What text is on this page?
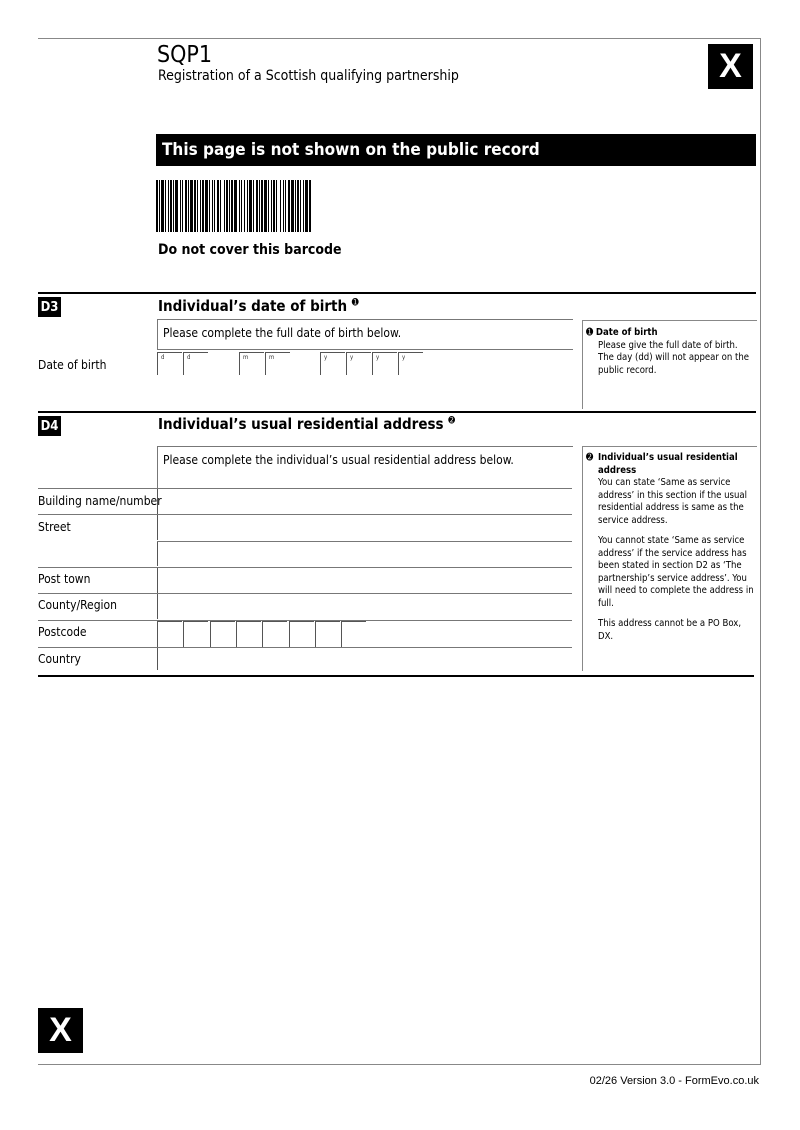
SQP1
Registration of a Scottish qualifying partnership	X
This page is not shown on the public record
Do not cover this barcode
D3	Individual’s date of birth $^➊$
➊ Date of birth
Please give the full date of birth. The day (dd) will not appear on the public record.
Please complete the full date of birth below.
Date of birth
d	d	m	m	y	y	y	y
D4	Individual’s usual residential address $^➋$
➋ Individual’s usual residential address
You can state ‘Same as service address’ in this section if the usual residential address is same as the service address.
You cannot state ‘Same as service address’ if the service address has been stated in section D2 as ‘The partnership’s service address’. You will need to complete the address in full.
This address cannot be a PO Box, DX.
Please complete the individual’s usual residential address below.
Building name/number
Street
Post town
County/Region
Postcode
Country
X
02/26 Version 3.0 - FormEvo.co.uk
